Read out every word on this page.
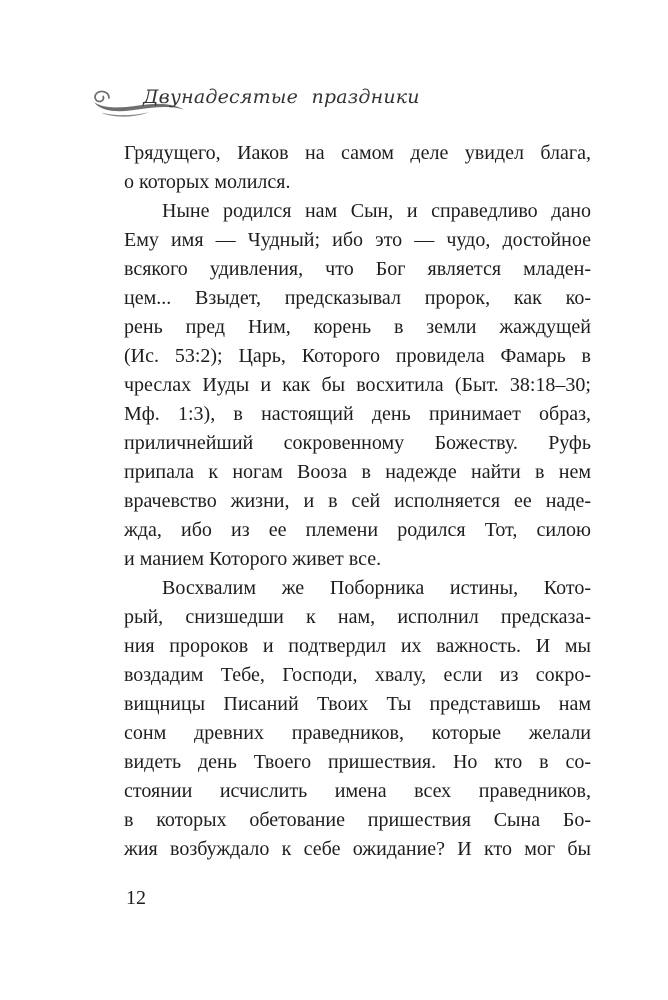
Двунадесятые праздники
Грядущего, Иаков на самом деле увидел блага,
о которых молился.
Ныне родился нам Сын, и справедливо дано
Ему имя — Чудный; ибо это — чудо, достойное
всякого удивления, что Бог является младен-
цем... Взыдет, предсказывал пророк, как ко-
рень пред Ним, корень в земли жаждущей
(Ис. 53:2); Царь, Которого провидела Фамарь в
чреслах Иуды и как бы восхитила (Быт. 38:18–30;
Мф. 1:3), в настоящий день принимает образ,
приличнейший сокровенному Божеству. Руфь
припала к ногам Вооза в надежде найти в нем
врачевство жизни, и в сей исполняется ее наде-
жда, ибо из ее племени родился Тот, силою
и манием Которого живет все.
Восхвалим же Поборника истины, Кото-
рый, снизшедши к нам, исполнил предсказа-
ния пророков и подтвердил их важность. И мы
воздадим Тебе, Господи, хвалу, если из сокро-
вищницы Писаний Твоих Ты представишь нам
сонм древних праведников, которые желали
видеть день Твоего пришествия. Но кто в со-
стоянии исчислить имена всех праведников,
в которых обетование пришествия Сына Бо-
жия возбуждало к себе ожидание? И кто мог бы
12
